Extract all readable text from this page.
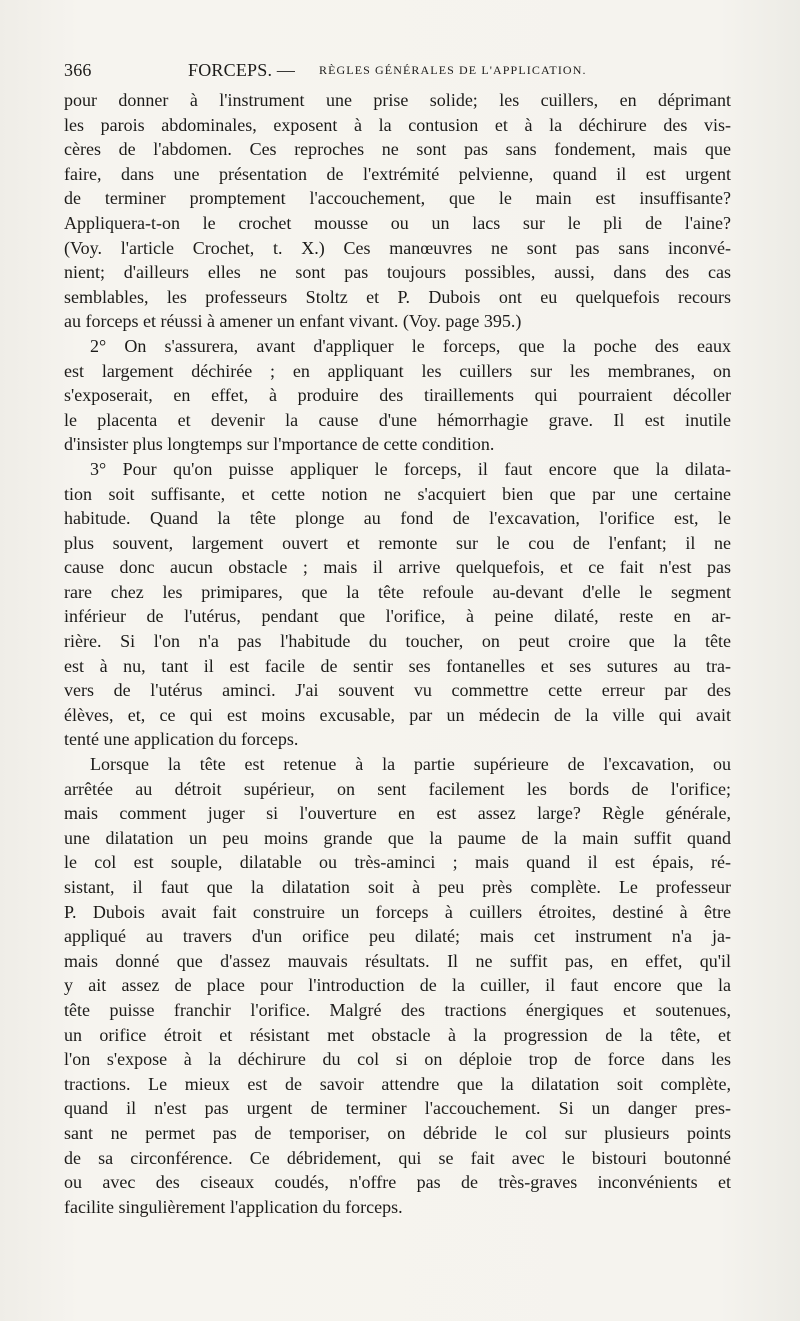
366	FORCEPS. — RÈGLES GÉNÉRALES DE L'APPLICATION.
pour donner à l'instrument une prise solide; les cuillers, en déprimant
les parois abdominales, exposent à la contusion et à la déchirure des vis-
cères de l'abdomen. Ces reproches ne sont pas sans fondement, mais que
faire, dans une présentation de l'extrémité pelvienne, quand il est urgent
de terminer promptement l'accouchement, que le main est insuffisante?
Appliquera-t-on le crochet mousse ou un lacs sur le pli de l'aine?
(Voy. l'article Crochet, t. X.) Ces manœuvres ne sont pas sans inconvé-
nient; d'ailleurs elles ne sont pas toujours possibles, aussi, dans des cas
semblables, les professeurs Stoltz et P. Dubois ont eu quelquefois recours
au forceps et réussi à amener un enfant vivant. (Voy. page 395.)
2° On s'assurera, avant d'appliquer le forceps, que la poche des eaux
est largement déchirée ; en appliquant les cuillers sur les membranes, on
s'exposerait, en effet, à produire des tiraillements qui pourraient décoller
le placenta et devenir la cause d'une hémorrhagie grave. Il est inutile
d'insister plus longtemps sur l'mportance de cette condition.
3° Pour qu'on puisse appliquer le forceps, il faut encore que la dilata-
tion soit suffisante, et cette notion ne s'acquiert bien que par une certaine
habitude. Quand la tête plonge au fond de l'excavation, l'orifice est, le
plus souvent, largement ouvert et remonte sur le cou de l'enfant; il ne
cause donc aucun obstacle ; mais il arrive quelquefois, et ce fait n'est pas
rare chez les primipares, que la tête refoule au-devant d'elle le segment
inférieur de l'utérus, pendant que l'orifice, à peine dilaté, reste en ar-
rière. Si l'on n'a pas l'habitude du toucher, on peut croire que la tête
est à nu, tant il est facile de sentir ses fontanelles et ses sutures au tra-
vers de l'utérus aminci. J'ai souvent vu commettre cette erreur par des
élèves, et, ce qui est moins excusable, par un médecin de la ville qui avait
tenté une application du forceps.
Lorsque la tête est retenue à la partie supérieure de l'excavation, ou
arrêtée au détroit supérieur, on sent facilement les bords de l'orifice;
mais comment juger si l'ouverture en est assez large? Règle générale,
une dilatation un peu moins grande que la paume de la main suffit quand
le col est souple, dilatable ou très-aminci ; mais quand il est épais, ré-
sistant, il faut que la dilatation soit à peu près complète. Le professeur
P. Dubois avait fait construire un forceps à cuillers étroites, destiné à être
appliqué au travers d'un orifice peu dilaté; mais cet instrument n'a ja-
mais donné que d'assez mauvais résultats. Il ne suffit pas, en effet, qu'il
y ait assez de place pour l'introduction de la cuiller, il faut encore que la
tête puisse franchir l'orifice. Malgré des tractions énergiques et soutenues,
un orifice étroit et résistant met obstacle à la progression de la tête, et
l'on s'expose à la déchirure du col si on déploie trop de force dans les
tractions. Le mieux est de savoir attendre que la dilatation soit complète,
quand il n'est pas urgent de terminer l'accouchement. Si un danger pres-
sant ne permet pas de temporiser, on débride le col sur plusieurs points
de sa circonférence. Ce débridement, qui se fait avec le bistouri boutonné
ou avec des ciseaux coudés, n'offre pas de très-graves inconvénients et
facilite singulièrement l'application du forceps.
